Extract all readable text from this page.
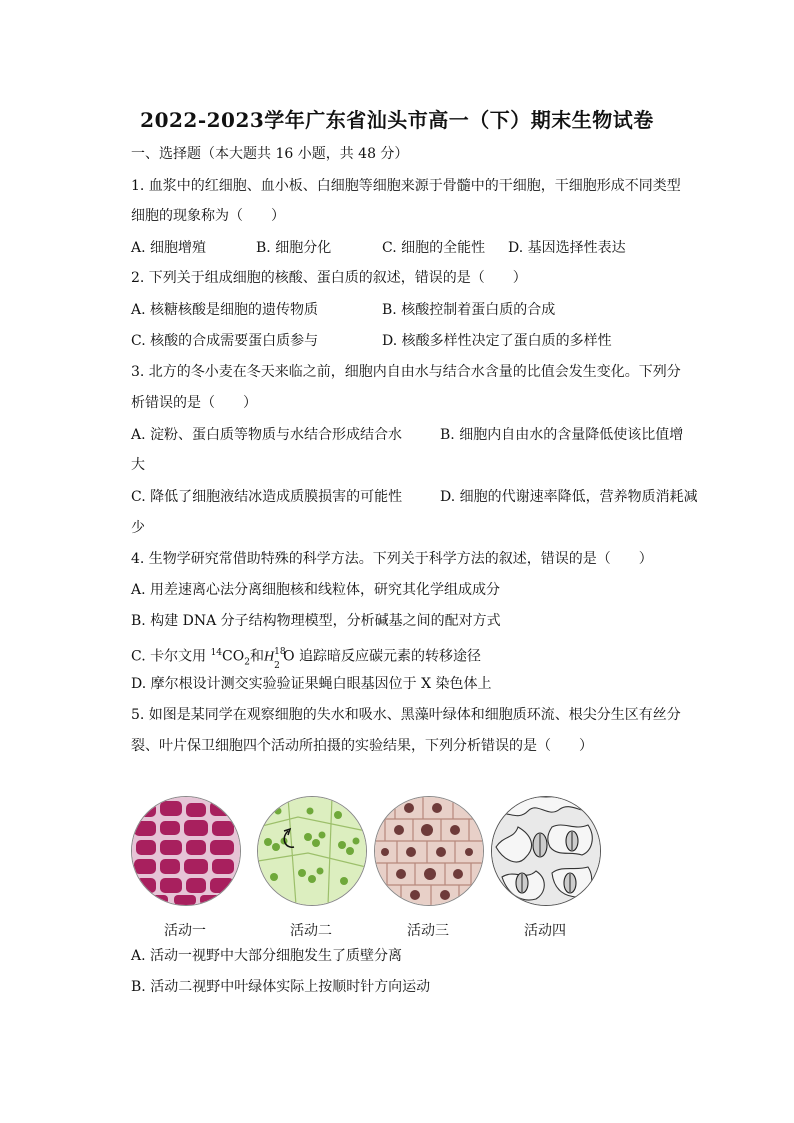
2022-2023学年广东省汕头市高一（下）期末生物试卷
一、选择题（本大题共 16 小题，共 48 分）
1. 血浆中的红细胞、血小板、白细胞等细胞来源于骨髓中的干细胞，干细胞形成不同类型
细胞的现象称为（　　）
A. 细胞增殖	B. 细胞分化	C. 细胞的全能性 D. 基因选择性表达
2. 下列关于组成细胞的核酸、蛋白质的叙述，错误的是（　　）
A. 核糖核酸是细胞的遗传物质	B. 核酸控制着蛋白质的合成
C. 核酸的合成需要蛋白质参与	D. 核酸多样性决定了蛋白质的多样性
3. 北方的冬小麦在冬天来临之前，细胞内自由水与结合水含量的比值会发生变化。下列分
析错误的是（　　）
A. 淀粉、蛋白质等物质与水结合形成结合水	B. 细胞内自由水的含量降低使该比值增
大
C. 降低了细胞液结冰造成质膜损害的可能性	D. 细胞的代谢速率降低，营养物质消耗减
少
4. 生物学研究常借助特殊的科学方法。下列关于科学方法的叙述，错误的是（　　）
A. 用差速离心法分离细胞核和线粒体，研究其化学组成成分
B. 构建 DNA 分子结构物理模型，分析碱基之间的配对方式
C. 卡尔文用 $^{14}CO_2$和H 18
2
O 追踪暗反应碳元素的转移途径
D. 摩尔根设计测交实验验证果蝇白眼基因位于 X 染色体上
5. 如图是某同学在观察细胞的失水和吸水、黑藻叶绿体和细胞质环流、根尖分生区有丝分
裂、叶片保卫细胞四个活动所拍摄的实验结果，下列分析错误的是（　　）
活动一	活动二	活动三	活动四
A. 活动一视野中大部分细胞发生了质壁分离
B. 活动二视野中叶绿体实际上按顺时针方向运动
